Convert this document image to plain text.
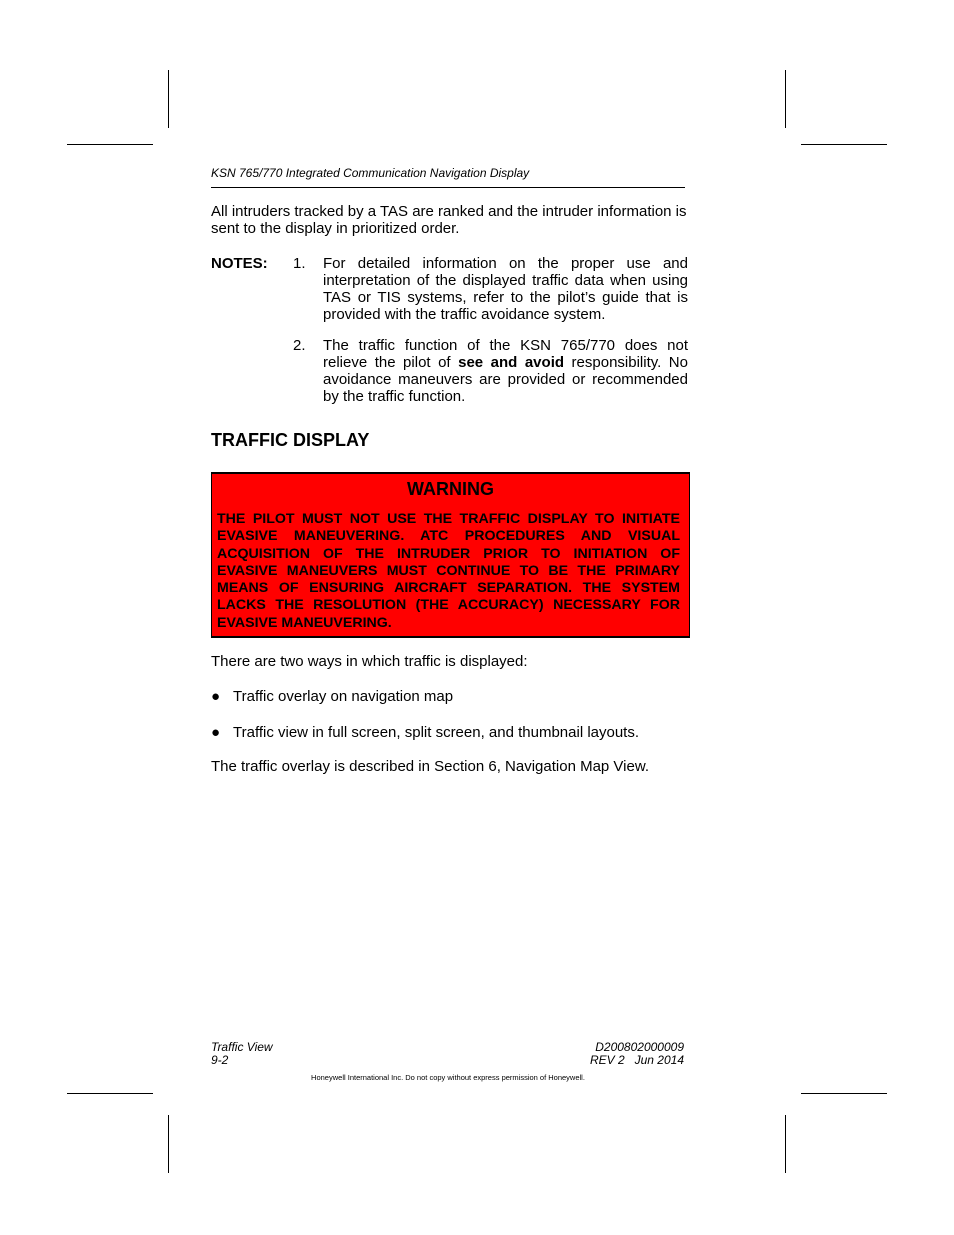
KSN 765/770 Integrated Communication Navigation Display
All intruders tracked by a TAS are ranked and the intruder information is sent to the display in prioritized order.
NOTES: 1. For detailed information on the proper use and interpretation of the displayed traffic data when using TAS or TIS systems, refer to the pilot’s guide that is provided with the traffic avoidance system.
2. The traffic function of the KSN 765/770 does not relieve the pilot of see and avoid responsibility. No avoidance maneuvers are provided or recommended by the traffic function.
TRAFFIC DISPLAY
WARNING
THE PILOT MUST NOT USE THE TRAFFIC DISPLAY TO INITIATE EVASIVE MANEUVERING. ATC PROCEDURES AND VISUAL ACQUISITION OF THE INTRUDER PRIOR TO INITIATION OF EVASIVE MANEUVERS MUST CONTINUE TO BE THE PRIMARY MEANS OF ENSURING AIRCRAFT SEPARATION. THE SYSTEM LACKS THE RESOLUTION (THE ACCURACY) NECESSARY FOR EVASIVE MANEUVERING.
There are two ways in which traffic is displayed:
● Traffic overlay on navigation map
● Traffic view in full screen, split screen, and thumbnail layouts.
The traffic overlay is described in Section 6, Navigation Map View.
Traffic View
9-2
D200802000009
REV 2   Jun 2014
Honeywell International Inc. Do not copy without express permission of Honeywell.
